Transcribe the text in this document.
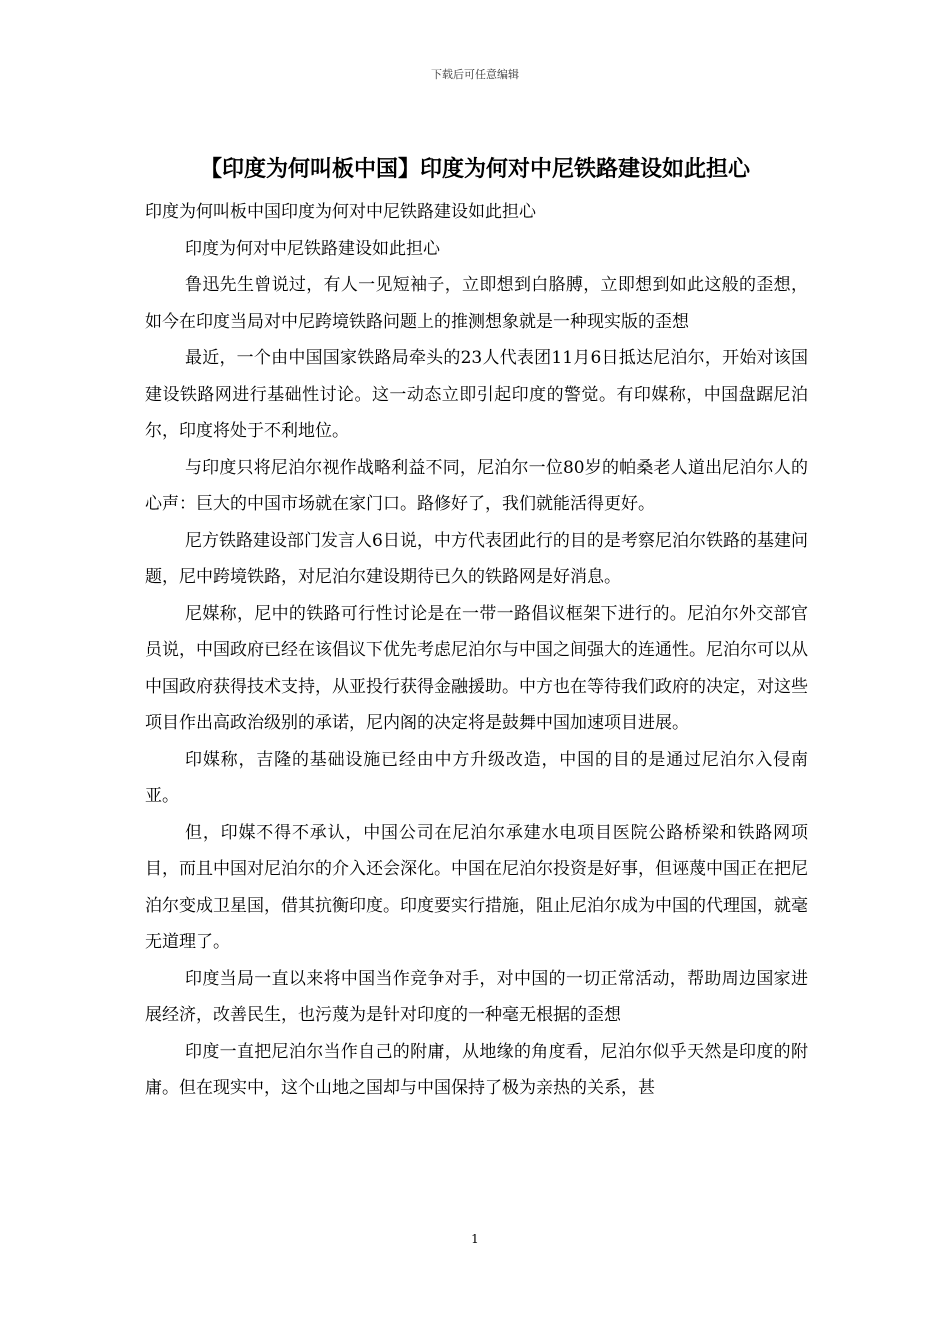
下载后可任意编辑
【印度为何叫板中国】印度为何对中尼铁路建设如此担心

印度为何叫板中国印度为何对中尼铁路建设如此担心

印度为何对中尼铁路建设如此担心

鲁迅先生曾说过，有人一见短袖子，立即想到白胳膊，立即想到如此这般的歪想，如今在印度当局对中尼跨境铁路问题上的推测想象就是一种现实版的歪想

最近，一个由中国国家铁路局牵头的23人代表团11月6日抵达尼泊尔，开始对该国建设铁路网进行基础性讨论。这一动态立即引起印度的警觉。有印媒称，中国盘踞尼泊尔，印度将处于不利地位。

与印度只将尼泊尔视作战略利益不同，尼泊尔一位80岁的帕桑老人道出尼泊尔人的心声：巨大的中国市场就在家门口。路修好了，我们就能活得更好。

尼方铁路建设部门发言人6日说，中方代表团此行的目的是考察尼泊尔铁路的基建问题，尼中跨境铁路，对尼泊尔建设期待已久的铁路网是好消息。

尼媒称，尼中的铁路可行性讨论是在一带一路倡议框架下进行的。尼泊尔外交部官员说，中国政府已经在该倡议下优先考虑尼泊尔与中国之间强大的连通性。尼泊尔可以从中国政府获得技术支持，从亚投行获得金融援助。中方也在等待我们政府的决定，对这些项目作出高政治级别的承诺，尼内阁的决定将是鼓舞中国加速项目进展。

印媒称，吉隆的基础设施已经由中方升级改造，中国的目的是通过尼泊尔入侵南亚。

但，印媒不得不承认，中国公司在尼泊尔承建水电项目医院公路桥梁和铁路网项目，而且中国对尼泊尔的介入还会深化。中国在尼泊尔投资是好事，但诬蔑中国正在把尼泊尔变成卫星国，借其抗衡印度。印度要实行措施，阻止尼泊尔成为中国的代理国，就毫无道理了。

印度当局一直以来将中国当作竞争对手，对中国的一切正常活动，帮助周边国家进展经济，改善民生，也污蔑为是针对印度的一种毫无根据的歪想

印度一直把尼泊尔当作自己的附庸，从地缘的角度看，尼泊尔似乎天然是印度的附庸。但在现实中，这个山地之国却与中国保持了极为亲热的关系，甚

1
